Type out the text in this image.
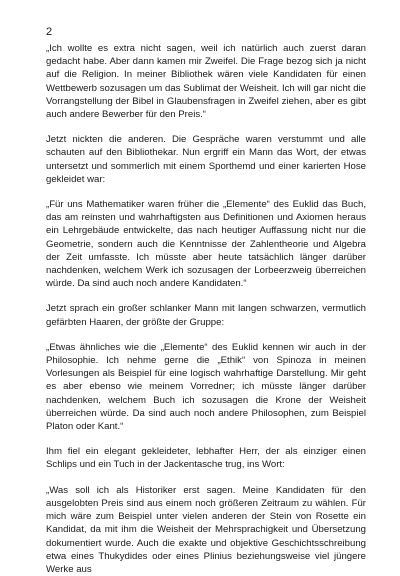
2

„Ich wollte es extra nicht sagen, weil ich natürlich auch zuerst daran gedacht habe. Aber dann kamen mir Zweifel. Die Frage bezog sich ja nicht auf die Religion. In meiner Bibliothek wären viele Kandidaten für einen Wettbewerb sozusagen um das Sublimat der Weisheit. Ich will gar nicht die Vorrangstellung der Bibel in Glaubensfragen in Zweifel ziehen, aber es gibt auch andere Bewerber für den Preis.“

Jetzt nickten die anderen. Die Gespräche waren verstummt und alle schauten auf den Bibliothekar. Nun ergriff ein Mann das Wort, der etwas untersetzt und sommerlich mit einem Sporthemd und einer karierten Hose gekleidet war:

„Für uns Mathematiker waren früher die „Elemente“ des Euklid das Buch, das am reinsten und wahrhaftigsten aus Definitionen und Axiomen heraus ein Lehrgebäude entwickelte, das nach heutiger Auffassung nicht nur die Geometrie, sondern auch die Kenntnisse der Zahlentheorie und Algebra der Zeit umfasste. Ich müsste aber heute tatsächlich länger darüber nachdenken, welchem Werk ich sozusagen der Lorbeerzweig überreichen würde. Da sind auch noch andere Kandidaten.“

Jetzt sprach ein großer schlanker Mann mit langen schwarzen, vermutlich gefärbten Haaren, der größte der Gruppe:

„Etwas ähnliches wie die „Elemente“ des Euklid kennen wir auch in der Philosophie. Ich nehme gerne die „Ethik“ von Spinoza in meinen Vorlesungen als Beispiel für eine logisch wahrhaftige Darstellung. Mir geht es aber ebenso wie meinem Vorredner; ich müsste länger darüber nachdenken, welchem Buch ich sozusagen die Krone der Weisheit überreichen würde. Da sind auch noch andere Philosophen, zum Beispiel Platon oder Kant.“

Ihm fiel ein elegant gekleideter, lebhafter Herr, der als einziger einen Schlips und ein Tuch in der Jackentasche trug, ins Wort:

„Was soll ich als Historiker erst sagen. Meine Kandidaten für den ausgelobten Preis sind aus einem noch größeren Zeitraum zu wählen. Für mich wäre zum Beispiel unter vielen anderen der Stein von Rosette ein Kandidat, da mit ihm die Weisheit der Mehrsprachigkeit und Übersetzung dokumentiert wurde. Auch die exakte und objektive Geschichtsschreibung etwa eines Thukydides oder eines Plinius beziehungsweise viel jüngere Werke aus
